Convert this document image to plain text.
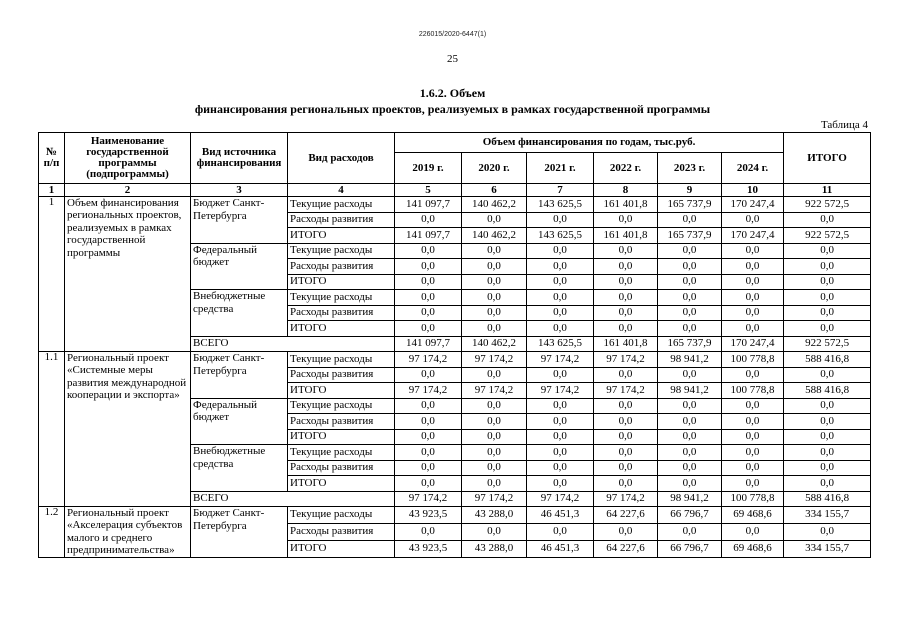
226015/2020-6447(1)
25
1.6.2. Объем
финансирования региональных проектов, реализуемых в рамках государственной программы
Таблица 4
№ п/п	Наименование государственной программы (подпрограммы)	Вид источника финансирования	Вид расходов	Объем финансирования по годам, тыс.руб.						ИТОГО
				2019 г.	2020 г.	2021 г.	2022 г.	2023 г.	2024 г.	
1	2	3	4	5	6	7	8	9	10	11
1	Объем финансирования региональных проектов, реализуемых в рамках государственной программы	Бюджет Санкт-Петербурга	Текущие расходы	141 097,7	140 462,2	143 625,5	161 401,8	165 737,9	170 247,4	922 572,5
			Расходы развития	0,0	0,0	0,0	0,0	0,0	0,0	0,0
			ИТОГО	141 097,7	140 462,2	143 625,5	161 401,8	165 737,9	170 247,4	922 572,5
		Федеральный бюджет	Текущие расходы	0,0	0,0	0,0	0,0	0,0	0,0	0,0
			Расходы развития	0,0	0,0	0,0	0,0	0,0	0,0	0,0
			ИТОГО	0,0	0,0	0,0	0,0	0,0	0,0	0,0
		Внебюджетные средства	Текущие расходы	0,0	0,0	0,0	0,0	0,0	0,0	0,0
			Расходы развития	0,0	0,0	0,0	0,0	0,0	0,0	0,0
			ИТОГО	0,0	0,0	0,0	0,0	0,0	0,0	0,0
		ВСЕГО		141 097,7	140 462,2	143 625,5	161 401,8	165 737,9	170 247,4	922 572,5
1.1	Региональный проект «Системные меры развития международной кооперации и экспорта»	Бюджет Санкт-Петербурга	Текущие расходы	97 174,2	97 174,2	97 174,2	97 174,2	98 941,2	100 778,8	588 416,8
			Расходы развития	0,0	0,0	0,0	0,0	0,0	0,0	0,0
			ИТОГО	97 174,2	97 174,2	97 174,2	97 174,2	98 941,2	100 778,8	588 416,8
		Федеральный бюджет	Текущие расходы	0,0	0,0	0,0	0,0	0,0	0,0	0,0
			Расходы развития	0,0	0,0	0,0	0,0	0,0	0,0	0,0
			ИТОГО	0,0	0,0	0,0	0,0	0,0	0,0	0,0
		Внебюджетные средства	Текущие расходы	0,0	0,0	0,0	0,0	0,0	0,0	0,0
			Расходы развития	0,0	0,0	0,0	0,0	0,0	0,0	0,0
			ИТОГО	0,0	0,0	0,0	0,0	0,0	0,0	0,0
		ВСЕГО		97 174,2	97 174,2	97 174,2	97 174,2	98 941,2	100 778,8	588 416,8
1.2	Региональный проект «Акселерация субъектов малого и среднего предпринимательства»	Бюджет Санкт-Петербурга	Текущие расходы	43 923,5	43 288,0	46 451,3	64 227,6	66 796,7	69 468,6	334 155,7
			Расходы развития	0,0	0,0	0,0	0,0	0,0	0,0	0,0
			ИТОГО	43 923,5	43 288,0	46 451,3	64 227,6	66 796,7	69 468,6	334 155,7
